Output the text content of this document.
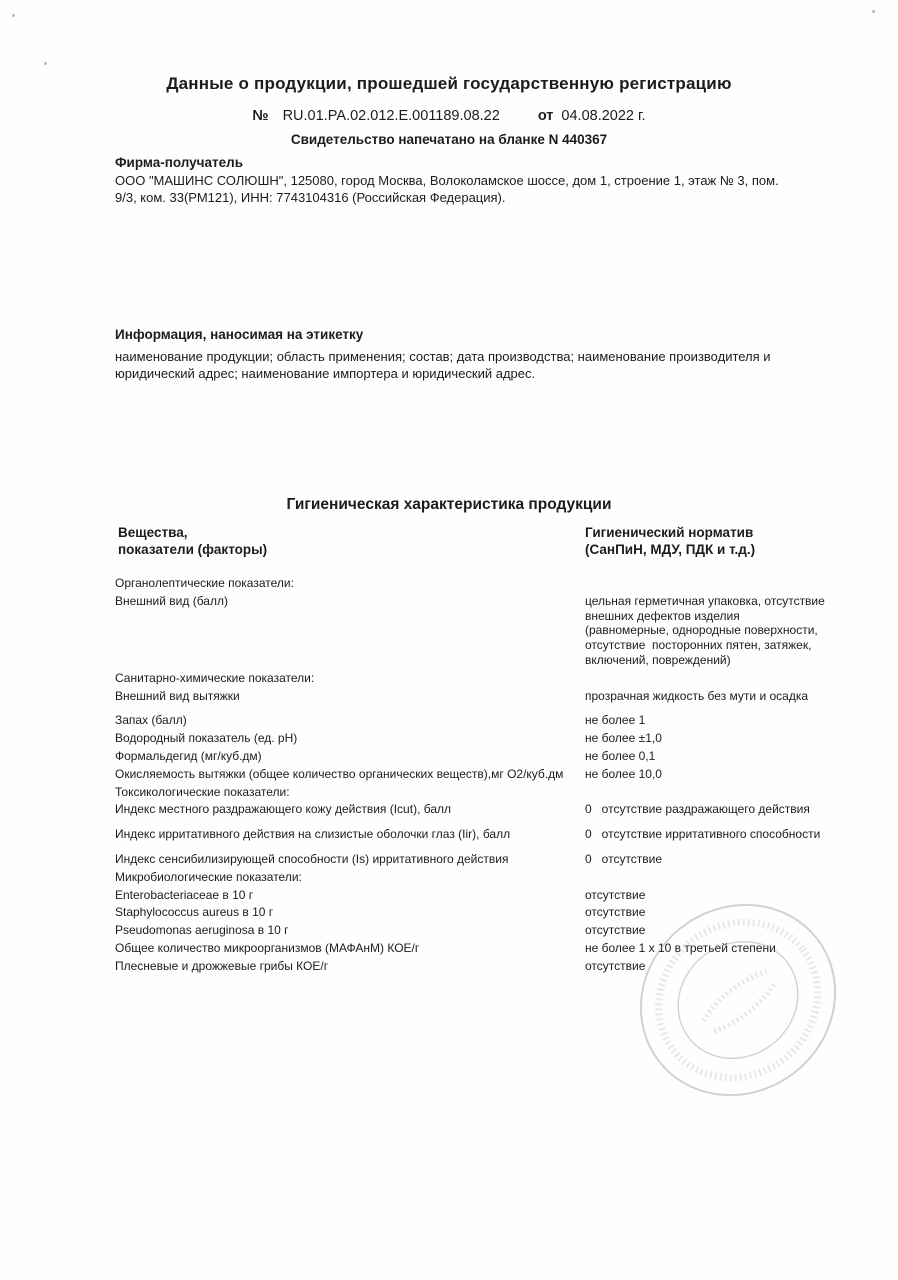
Данные о продукции, прошедшей государственную регистрацию
№ RU.01.РА.02.012.Е.001189.08.22	от 04.08.2022 г.
Свидетельство напечатано на бланке N 440367
Фирма-получатель
ООО "МАШИНС СОЛЮШН", 125080, город Москва, Волоколамское шоссе, дом 1, строение 1, этаж № 3, пом. 9/3, ком. 33(РМ121), ИНН: 7743104316 (Российская Федерация).
Информация, наносимая на этикетку
наименование продукции; область применения; состав; дата производства; наименование производителя и юридический адрес; наименование импортера и юридический адрес.
Гигиеническая характеристика продукции
Вещества,
показатели (факторы)
Гигиенический норматив
(СанПиН, МДУ, ПДК и т.д.)
Органолептические показатели:
Внешний вид (балл)	цельная герметичная упаковка, отсутствие внешних дефектов изделия (равномерные, однородные поверхности, отсутствие  посторонних пятен, затяжек, включений, повреждений)
Санитарно-химические показатели:
Внешний вид вытяжки	прозрачная жидкость без мути и осадка
Запах (балл)	не более 1
Водородный показатель (ед. pH)	не более ±1,0
Формальдегид (мг/куб.дм)	не более 0,1
Окисляемость вытяжки (общее количество органических веществ),мг О2/куб.дм	не более 10,0
Токсикологические показатели:
Индекс местного раздражающего кожу действия (Icut), балл	0   отсутствие раздражающего действия
Индекс ирритативного действия на слизистые оболочки глаз (Iir), балл	0   отсутствие ирритативного способности
Индекс сенсибилизирующей способности (Is) ирритативного действия	0   отсутствие
Микробиологические показатели:
Enterobacteriaceae в 10 г	отсутствие
Staphylococcus aureus в 10 г	отсутствие
Pseudomonas aeruginosa в 10 г	отсутствие
Общее количество микроорганизмов (МАФАнМ) КОЕ/г	не более 1 х 10 в третьей степени
Плесневые и дрожжевые грибы КОЕ/г	отсутствие
